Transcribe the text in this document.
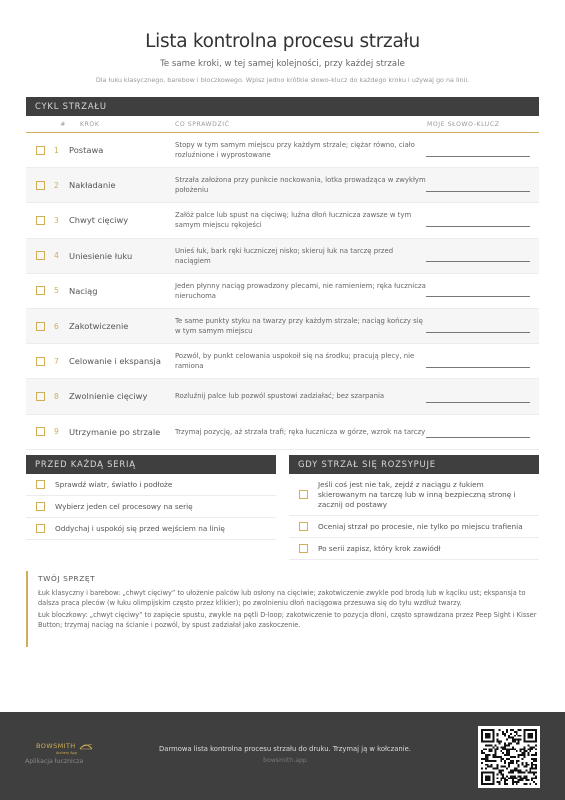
Lista kontrolna procesu strzału
Te same kroki, w tej samej kolejności, przy każdej strzale
Dla łuku klasycznego, barebow i bloczkowego. Wpisz jedno krótkie słowo-klucz do każdego kroku i używaj go na linii.
CYKL STRZAŁU
#	KROK	CO SPRAWDZIĆ	MOJE SŁOWO-KLUCZ
1	Postawa	Stopy w tym samym miejscu przy każdym strzale; ciężar równo, ciało rozluźnione i wyprostowane
2	Nakładanie	Strzała założona przy punkcie nockowania, lotka prowadząca w zwykłym położeniu
3	Chwyt cięciwy	Załóż palce lub spust na cięciwę; luźna dłoń łucznicza zawsze w tym samym miejscu rękojeści
4	Uniesienie łuku	Unieś łuk, bark ręki łuczniczej nisko; skieruj łuk na tarczę przed naciągiem
5	Naciąg	Jeden płynny naciąg prowadzony plecami, nie ramieniem; ręka łucznicza nieruchoma
6	Zakotwiczenie	Te same punkty styku na twarzy przy każdym strzale; naciąg kończy się w tym samym miejscu
7	Celowanie i ekspansja	Pozwól, by punkt celowania uspokoił się na środku; pracują plecy, nie ramiona
8	Zwolnienie cięciwy	Rozluźnij palce lub pozwól spustowi zadziałać; bez szarpania
9	Utrzymanie po strzale	Trzymaj pozycję, aż strzała trafi; ręka łucznicza w górze, wzrok na tarczy
PRZED KAŻDĄ SERIĄ
Sprawdź wiatr, światło i podłoże
Wybierz jeden cel procesowy na serię
Oddychaj i uspokój się przed wejściem na linię
GDY STRZAŁ SIĘ ROZSYPUJE
Jeśli coś jest nie tak, zejdź z naciągu z łukiem skierowanym na tarczę lub w inną bezpieczną stronę i zacznij od postawy
Oceniaj strzał po procesie, nie tylko po miejscu trafienia
Po serii zapisz, który krok zawiódł
TWÓJ SPRZĘT

Łuk klasyczny i barebow: „chwyt cięciwy” to ułożenie palców lub osłony na cięciwie; zakotwiczenie zwykle pod brodą lub w kąciku ust; ekspansja to dalsza praca pleców (w łuku olimpijskim często przez klikier); po zwolnieniu dłoń naciągowa przesuwa się do tyłu wzdłuż twarzy.

Łuk bloczkowy: „chwyt cięciwy” to zapięcie spustu, zwykle na pętli D-loop; zakotwiczenie to pozycja dłoni, często sprawdzana przez Peep Sight i Kisser Button; trzymaj naciąg na ścianie i pozwól, by spust zadziałał jako zaskoczenie.

BOWSMITH
Archery App
Aplikacja łucznicza
Darmowa lista kontrolna procesu strzału do druku. Trzymaj ją w kołczanie.
bowsmith.app
